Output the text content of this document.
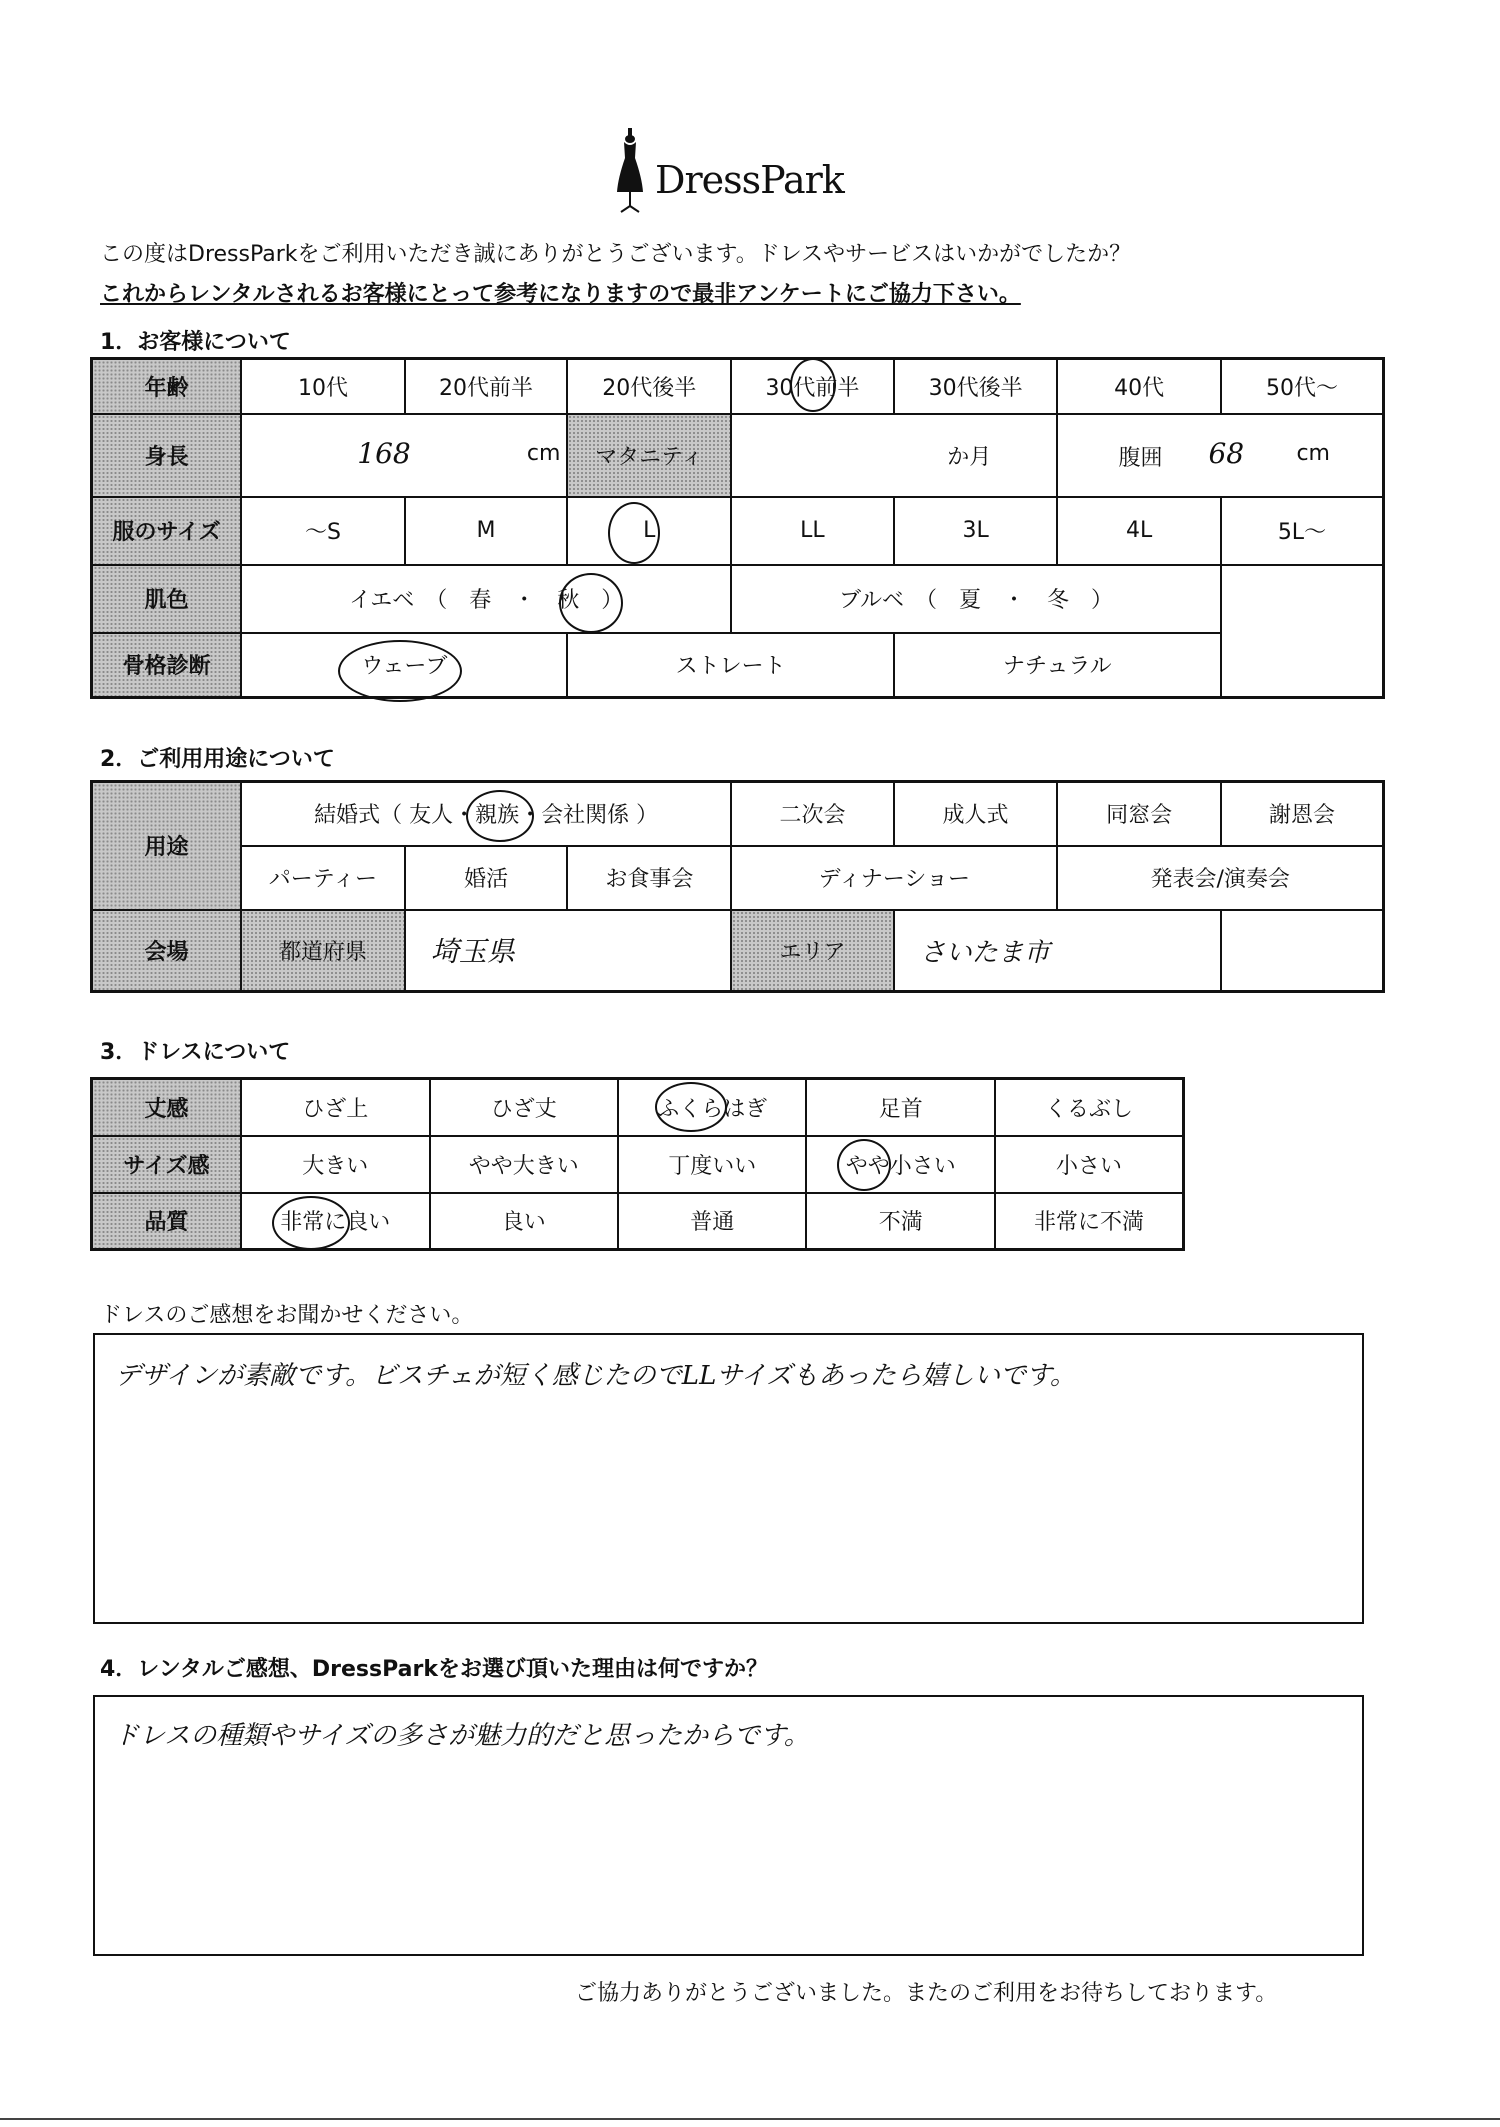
DressPark
この度はDressParkをご利用いただき誠にありがとうございます。ドレスやサービスはいかがでしたか？
これからレンタルされるお客様にとって参考になりますので最非アンケートにご協力下さい。
1．お客様について
年齢	10代	20代前半	20代後半	30代前半	30代後半	40代	50代～
身長	168 cm		マタニティ	か月		腹囲 68 cm	

服のサイズ	～S	M	L	LL	3L	4L	5L～
肌色	イエベ　（　春　・　秋　）			ブルベ　（　夏　・　冬　）			
骨格診断	ウェーブ		ストレート		ナチュラル		
2．ご利用用途について
用途	結婚式（ 友人・親族・会社関係 ）			二次会	成人式	同窓会	謝恩会
	パーティー	婚活	お食事会	ディナーショー		発表会/演奏会	
会場	都道府県	埼玉県		エリア	さいたま市		
3．ドレスについて
丈感	ひざ上	ひざ丈	ふくらはぎ	足首	くるぶし
サイズ感	大きい	やや大きい	丁度いい	やや小さい	小さい
品質	非常に良い	良い	普通	不満	非常に不満
ドレスのご感想をお聞かせください。
デザインが素敵です。ビスチェが短く感じたのでLLサイズもあったら嬉しいです。
4．レンタルご感想、DressParkをお選び頂いた理由は何ですか？
ドレスの種類やサイズの多さが魅力的だと思ったからです。
ご協力ありがとうございました。またのご利用をお待ちしております。
